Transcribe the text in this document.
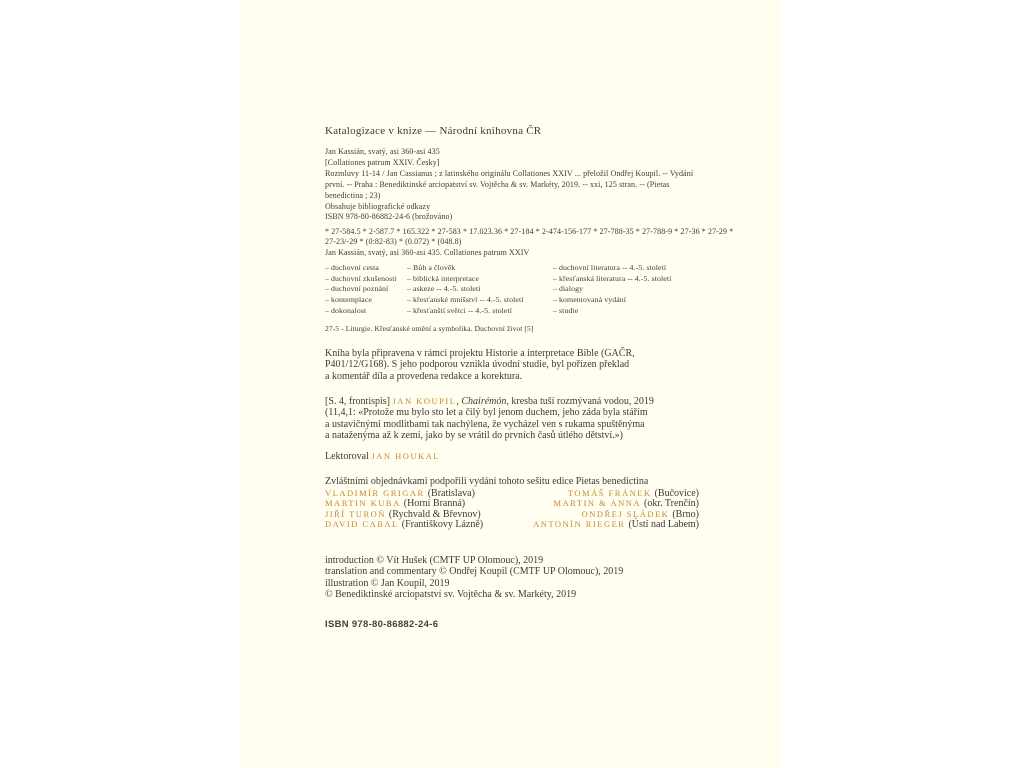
Katalogizace v knize — Národní knihovna ČR
Jan Kassián, svatý, asi 360-asi 435
[Collationes patrum XXIV. Česky]
Rozmluvy 11-14 / Jan Cassianus ; z latinského originálu Collationes XXIV ... přeložil Ondřej Koupil. -- Vydání
první. -- Praha : Benediktinské arciopatství sv. Vojtěcha & sv. Markéty, 2019. -- xxi, 125 stran. -- (Pietas
benedictina ; 23)
Obsahuje bibliografické odkazy
ISBN 978-80-86882-24-6 (brožováno)
* 27-584.5 * 2-587.7 * 165.322 * 27-583 * 17.023.36 * 27-184 * 2-474-156-177 * 27-788-35 * 27-788-9 * 27-36 * 27-29 *
27-23/-29 * (0:82-83) * (0.072) * (048.8)
Jan Kassián, svatý, asi 360-asi 435. Collationes patrum XXIV
– duchovní cesta	– Bůh a člověk	– duchovní literatura -- 4.-5. století
– duchovní zkušenosti	– biblická interpretace	– křesťanská literatura -- 4.-5. století
– duchovní poznání	– askeze -- 4.-5. století	– dialogy
– kontemplace	– křesťanské mnišství -- 4.-5. století	– komentovaná vydání
– dokonalost	– křesťanští světci -- 4.-5. století	– studie
27-5 - Liturgie. Křesťanské umění a symbolika. Duchovní život [5]
Kniha byla připravena v rámci projektu Historie a interpretace Bible (GAČR,
P401/12/G168). S jeho podporou vznikla úvodní studie, byl pořízen překlad
a komentář díla a provedena redakce a korektura.
[S. 4, frontispis] JAN KOUPIL, Chairémón, kresba tuší rozmývaná vodou, 2019
(11,4,1: «Protože mu bylo sto let a čilý byl jenom duchem, jeho záda byla stářím
a ustavičnými modlitbami tak nachýlena, že vycházel ven s rukama spuštěnýma
a nataženýma až k zemi, jako by se vrátil do prvních časů útlého dětství.»)
Lektoroval JAN HOUKAL
Zvláštními objednávkami podpořili vydání tohoto sešitu edice Pietas benedictina
VLADIMÍR GRIGAR (Bratislava)	TOMÁŠ FRÁNEK (Bučovice)
MARTIN KUBA (Horní Branná)	MARTIN & ANNA (okr. Trenčín)
JIŘÍ TUROŇ (Rychvald & Břevnov)	ONDŘEJ SLÁDEK (Brno)
DAVID CABAL (Františkovy Lázně)	ANTONÍN RIEGER (Ústí nad Labem)
introduction © Vít Hušek (CMTF UP Olomouc), 2019
translation and commentary © Ondřej Koupil (CMTF UP Olomouc), 2019
illustration © Jan Koupil, 2019
© Benediktinské arciopatství sv. Vojtěcha & sv. Markéty, 2019
ISBN 978-80-86882-24-6
